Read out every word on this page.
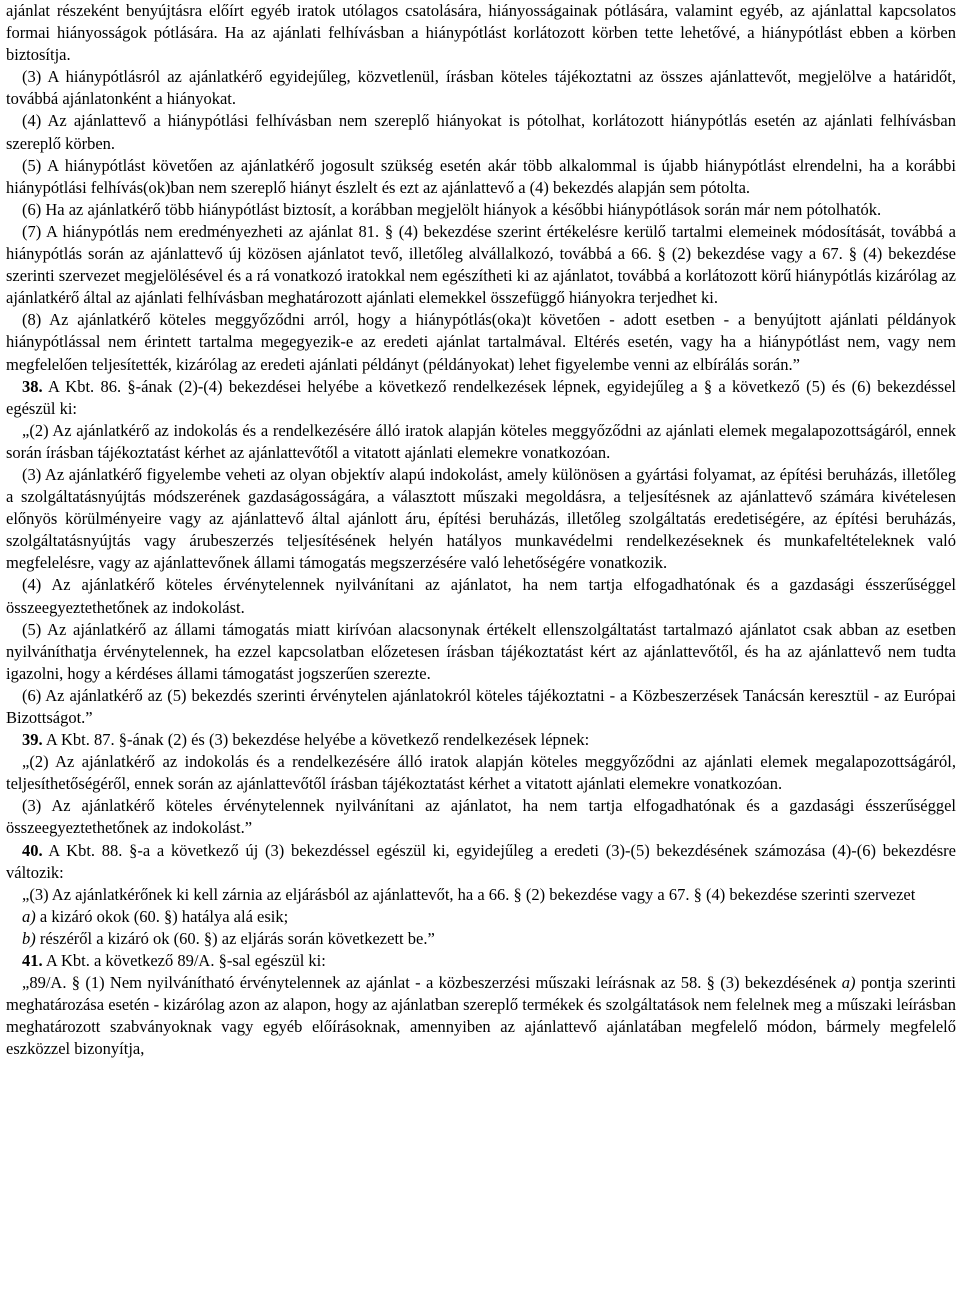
ajánlat részeként benyújtásra előírt egyéb iratok utólagos csatolására, hiányosságainak pótlására, valamint egyéb, az ajánlattal kapcsolatos formai hiányosságok pótlására. Ha az ajánlati felhívásban a hiánypótlást korlátozott körben tette lehetővé, a hiánypótlást ebben a körben biztosítja.

(3) A hiánypótlásról az ajánlatkérő egyidejűleg, közvetlenül, írásban köteles tájékoztatni az összes ajánlattevőt, megjelölve a határidőt, továbbá ajánlatonként a hiányokat.

(4) Az ajánlattevő a hiánypótlási felhívásban nem szereplő hiányokat is pótolhat, korlátozott hiánypótlás esetén az ajánlati felhívásban szereplő körben.

(5) A hiánypótlást követően az ajánlatkérő jogosult szükség esetén akár több alkalommal is újabb hiánypótlást elrendelni, ha a korábbi hiánypótlási felhívás(ok)ban nem szereplő hiányt észlelt és ezt az ajánlattevő a (4) bekezdés alapján sem pótolta.

(6) Ha az ajánlatkérő több hiánypótlást biztosít, a korábban megjelölt hiányok a későbbi hiánypótlások során már nem pótolhatók.

(7) A hiánypótlás nem eredményezheti az ajánlat 81. § (4) bekezdése szerint értékelésre kerülő tartalmi elemeinek módosítását, továbbá a hiánypótlás során az ajánlattevő új közösen ajánlatot tevő, illetőleg alvállalkozó, továbbá a 66. § (2) bekezdése vagy a 67. § (4) bekezdése szerinti szervezet megjelölésével és a rá vonatkozó iratokkal nem egészítheti ki az ajánlatot, továbbá a korlátozott körű hiánypótlás kizárólag az ajánlatkérő által az ajánlati felhívásban meghatározott ajánlati elemekkel összefüggő hiányokra terjedhet ki.

(8) Az ajánlatkérő köteles meggyőződni arról, hogy a hiánypótlás(oka)t követően - adott esetben - a benyújtott ajánlati példányok hiánypótlással nem érintett tartalma megegyezik-e az eredeti ajánlat tartalmával. Eltérés esetén, vagy ha a hiánypótlást nem, vagy nem megfelelően teljesítették, kizárólag az eredeti ajánlati példányt (példányokat) lehet figyelembe venni az elbírálás során.”

38. A Kbt. 86. §-ának (2)-(4) bekezdései helyébe a következő rendelkezések lépnek, egyidejűleg a § a következő (5) és (6) bekezdéssel egészül ki:

„(2) Az ajánlatkérő az indokolás és a rendelkezésére álló iratok alapján köteles meggyőződni az ajánlati elemek megalapozottságáról, ennek során írásban tájékoztatást kérhet az ajánlattevőtől a vitatott ajánlati elemekre vonatkozóan.

(3) Az ajánlatkérő figyelembe veheti az olyan objektív alapú indokolást, amely különösen a gyártási folyamat, az építési beruházás, illetőleg a szolgáltatásnyújtás módszerének gazdaságosságára, a választott műszaki megoldásra, a teljesítésnek az ajánlattevő számára kivételesen előnyös körülményeire vagy az ajánlattevő által ajánlott áru, építési beruházás, illetőleg szolgáltatás eredetiségére, az építési beruházás, szolgáltatásnyújtás vagy árubeszerzés teljesítésének helyén hatályos munkavédelmi rendelkezéseknek és munkafeltételeknek való megfelelésre, vagy az ajánlattevőnek állami támogatás megszerzésére való lehetőségére vonatkozik.

(4) Az ajánlatkérő köteles érvénytelennek nyilvánítani az ajánlatot, ha nem tartja elfogadhatónak és a gazdasági ésszerűséggel összeegyeztethetőnek az indokolást.

(5) Az ajánlatkérő az állami támogatás miatt kirívóan alacsonynak értékelt ellenszolgáltatást tartalmazó ajánlatot csak abban az esetben nyilváníthatja érvénytelennek, ha ezzel kapcsolatban előzetesen írásban tájékoztatást kért az ajánlattevőtől, és ha az ajánlattevő nem tudta igazolni, hogy a kérdéses állami támogatást jogszerűen szerezte.

(6) Az ajánlatkérő az (5) bekezdés szerinti érvénytelen ajánlatokról köteles tájékoztatni - a Közbeszerzések Tanácsán keresztül - az Európai Bizottságot.”

39. A Kbt. 87. §-ának (2) és (3) bekezdése helyébe a következő rendelkezések lépnek:

„(2) Az ajánlatkérő az indokolás és a rendelkezésére álló iratok alapján köteles meggyőződni az ajánlati elemek megalapozottságáról, teljesíthetőségéről, ennek során az ajánlattevőtől írásban tájékoztatást kérhet a vitatott ajánlati elemekre vonatkozóan.

(3) Az ajánlatkérő köteles érvénytelennek nyilvánítani az ajánlatot, ha nem tartja elfogadhatónak és a gazdasági ésszerűséggel összeegyeztethetőnek az indokolást.”

40. A Kbt. 88. §-a a következő új (3) bekezdéssel egészül ki, egyidejűleg a eredeti (3)-(5) bekezdésének számozása (4)-(6) bekezdésre változik:

„(3) Az ajánlatkérőnek ki kell zárnia az eljárásból az ajánlattevőt, ha a 66. § (2) bekezdése vagy a 67. § (4) bekezdése szerinti szervezet

a) a kizáró okok (60. §) hatálya alá esik;

b) részéről a kizáró ok (60. §) az eljárás során következett be.”

41. A Kbt. a következő 89/A. §-sal egészül ki:

„89/A. § (1) Nem nyilvánítható érvénytelennek az ajánlat - a közbeszerzési műszaki leírásnak az 58. § (3) bekezdésének a) pontja szerinti meghatározása esetén - kizárólag azon az alapon, hogy az ajánlatban szereplő termékek és szolgáltatások nem felelnek meg a műszaki leírásban meghatározott szabványoknak vagy egyéb előírásoknak, amennyiben az ajánlattevő ajánlatában megfelelő módon, bármely megfelelő eszközzel bizonyítja,
